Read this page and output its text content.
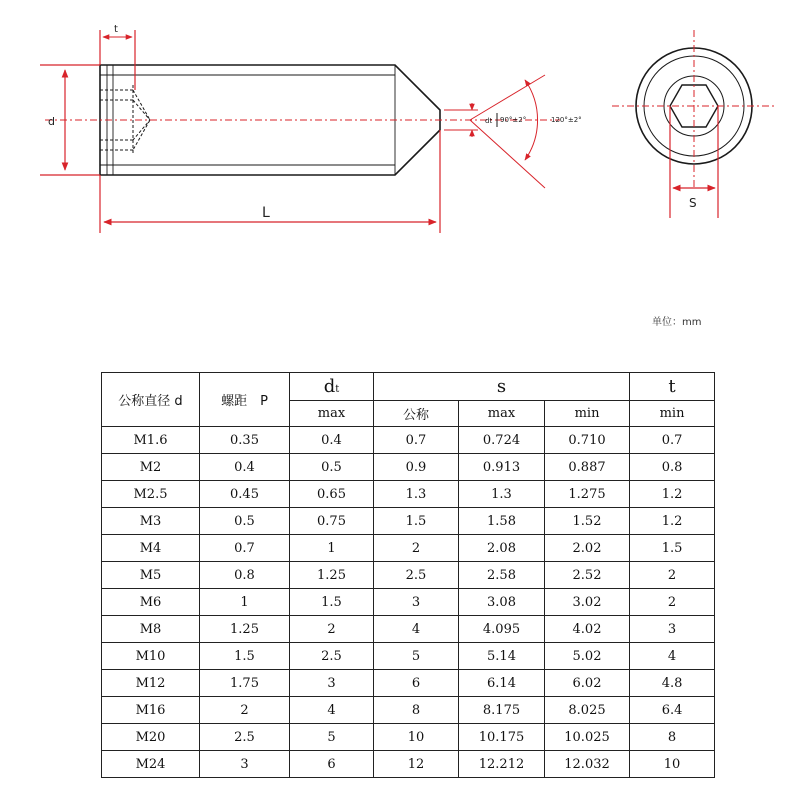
d
t
L
dt 90°±2°	120°±2°
S
单位：mm
公称直径 d	螺距　P	dt	s			t
		max	公称	max	min	min
M1.6	0.35	0.4	0.7	0.724	0.710	0.7
M2	0.4	0.5	0.9	0.913	0.887	0.8
M2.5	0.45	0.65	1.3	1.3	1.275	1.2
M3	0.5	0.75	1.5	1.58	1.52	1.2
M4	0.7	1	2	2.08	2.02	1.5
M5	0.8	1.25	2.5	2.58	2.52	2
M6	1	1.5	3	3.08	3.02	2
M8	1.25	2	4	4.095	4.02	3
M10	1.5	2.5	5	5.14	5.02	4
M12	1.75	3	6	6.14	6.02	4.8
M16	2	4	8	8.175	8.025	6.4
M20	2.5	5	10	10.175	10.025	8
M24	3	6	12	12.212	12.032	10
